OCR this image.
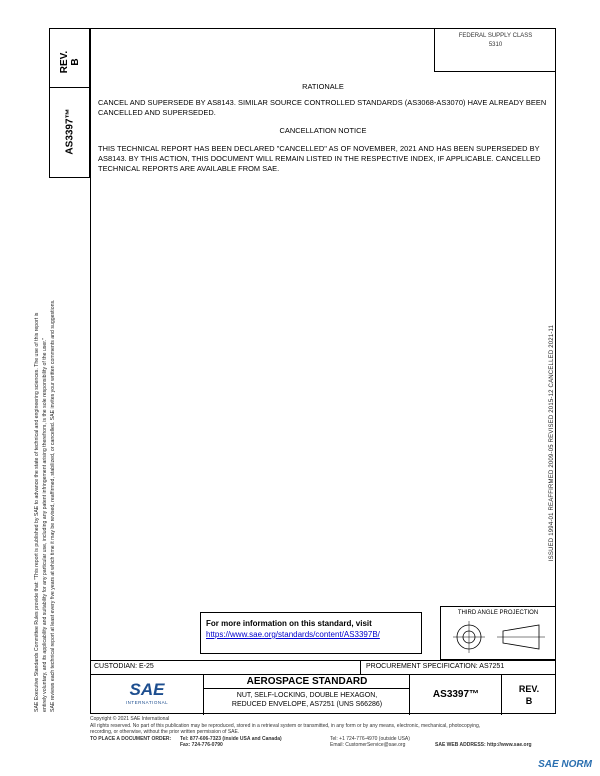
REV.
B
AS3397™
SAE Executive Standards Committee Rules provide that: "This report is published by SAE to advance the state of technical and engineering sciences. The use of this report is entirely voluntary, and its applicability and suitability for any particular use, including any patent infringement arising therefrom, is the sole responsibility of the user." SAE reviews each technical report at least every five years at which time it may be revised, reaffirmed, stabilized, or cancelled. SAE invites your written comments and suggestions.
FEDERAL SUPPLY CLASS
5310
ISSUED 1994-01 REAFFIRMED 2009-05 REVISED 2015-12 CANCELLED 2021-11
RATIONALE
CANCEL AND SUPERSEDE BY AS8143. SIMILAR SOURCE CONTROLLED STANDARDS (AS3068-AS3070) HAVE ALREADY BEEN CANCELLED AND SUPERSEDED.
CANCELLATION NOTICE
THIS TECHNICAL REPORT HAS BEEN DECLARED "CANCELLED" AS OF NOVEMBER, 2021 AND HAS BEEN SUPERSEDED BY AS8143. BY THIS ACTION, THIS DOCUMENT WILL REMAIN LISTED IN THE RESPECTIVE INDEX, IF APPLICABLE. CANCELLED TECHNICAL REPORTS ARE AVAILABLE FROM SAE.
For more information on this standard, visit
https://www.sae.org/standards/content/AS3397B/
THIRD ANGLE PROJECTION
CUSTODIAN: E-25	PROCUREMENT SPECIFICATION: AS7251
SAE
INTERNATIONAL
AEROSPACE STANDARD
NUT, SELF-LOCKING, DOUBLE HEXAGON,
REDUCED ENVELOPE, AS7251 (UNS S66286)
AS3397™	REV.
B
Copyright © 2021 SAE International
All rights reserved. No part of this publication may be reproduced, stored in a retrieval system or transmitted, in any form or by any means, electronic, mechanical, photocopying,
recording, or otherwise, without the prior written permission of SAE.
TO PLACE A DOCUMENT ORDER: Tel: 877-606-7323 (inside USA and Canada)
Fax: 724-776-0790
Tel: +1 724-776-4970 (outside USA)
Email: CustomerService@sae.org	SAE WEB ADDRESS: http://www.sae.org
SAE NORM
